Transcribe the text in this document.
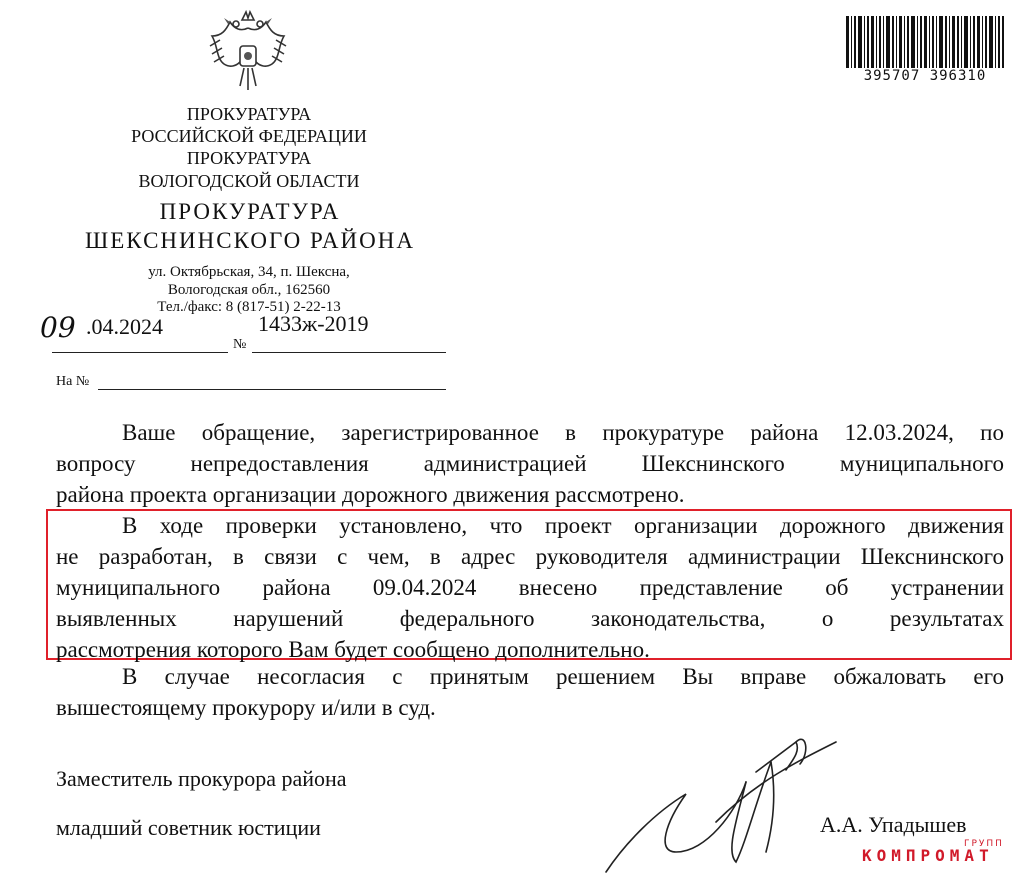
395707 396310
ПРОКУРАТУРА
РОССИЙСКОЙ ФЕДЕРАЦИИ
ПРОКУРАТУРА
ВОЛОГОДСКОЙ ОБЛАСТИ
ПРОКУРАТУРА
ШЕКСНИНСКОГО РАЙОНА
ул. Октябрьская, 34, п. Шексна,
Вологодская обл., 162560
Тел./факс: 8 (817-51) 2-22-13
09 .04.2024	1433ж-2019
№
На №
Ваше обращение, зарегистрированное в прокуратуре района 12.03.2024, по
вопросу непредоставления администрацией Шекснинского муниципального
района проекта организации дорожного движения рассмотрено.
В ходе проверки установлено, что проект организации дорожного движения
не разработан, в связи с чем, в адрес руководителя администрации Шекснинского
муниципального района 09.04.2024 внесено представление об устранении
выявленных нарушений федерального законодательства, о результатах
рассмотрения которого Вам будет сообщено дополнительно.
В случае несогласия с принятым решением Вы вправе обжаловать его
вышестоящему прокурору и/или в суд.
Заместитель прокурора района
младший советник юстиции	А.А. Упадышев
ГРУПП
КОМПРОМАТ
